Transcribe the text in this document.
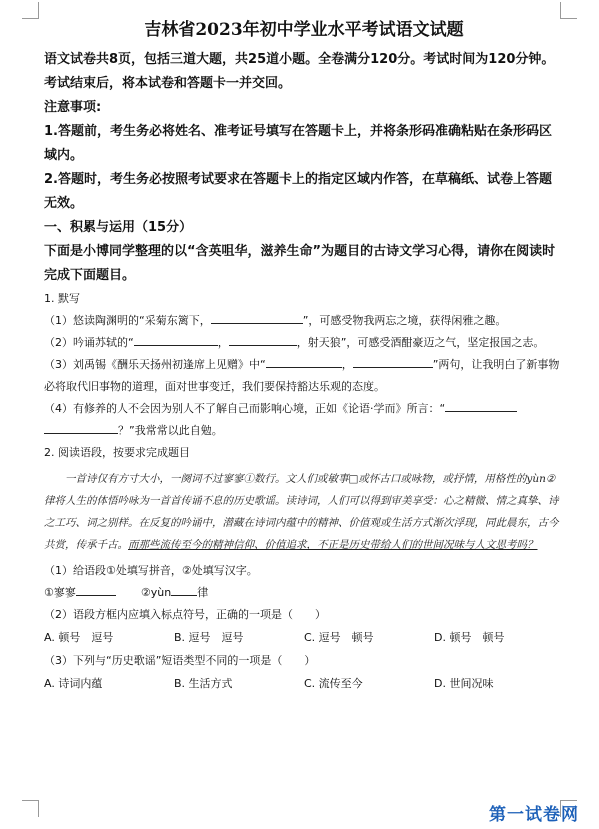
吉林省2023年初中学业水平考试语文试题

语文试卷共8页，包括三道大题，共25道小题。全卷满分120分。考试时间为120分钟。考试结束后，将本试卷和答题卡一并交回。

注意事项:

1.答题前，考生务必将姓名、准考证号填写在答题卡上，并将条形码准确粘贴在条形码区域内。

2.答题时，考生务必按照考试要求在答题卡上的指定区域内作答，在草稿纸、试卷上答题无效。

一、积累与运用（15分）

下面是小博同学整理的以“含英咀华，滋养生命”为题目的古诗文学习心得，请你在阅读时完成下面题目。

1. 默写

（1）悠读陶渊明的“采菊东篱下，	”，可感受物我两忘之境，获得闲雅之趣。

（2）吟诵苏轼的“	，	，射天狼”，可感受酒酣豪迈之气，坚定报国之志。

（3）刘禹锡《酬乐天扬州初逢席上见赠》中“	，	”两句，让我明白了新事物必将取代旧事物的道理，面对世事变迁，我们要保持豁达乐观的态度。

（4）有修养的人不会因为别人不了解自己而影响心境，正如《论语·学而》所言：“ ？”我常常以此自勉。

2. 阅读语段，按要求完成题目

一首诗仅有方寸大小，一阕词不过寥寥①数行。文人们或敏事□或怀古口或咏物，或抒情，用格性的yùn②律将人生的体悟吟咏为一首首传诵不息的历史歌谣。读诗词，人们可以得到审美享受：心之精微、情之真挚、诗之工巧、词之别样。在反复的吟诵中，潜藏在诗词内蕴中的精神、价值观或生活方式渐次浮现，同此晨东，古今共赏，传承千古。而那些流传至今的精神信仰、价值追求，不正是历史带给人们的世间况味与人文思考吗？

（1）给语段①处填写拼音，②处填写汉字。

①寥寥	②yùn 律

（2）语段方框内应填入标点符号，正确的一项是（　　）

A. 顿号　逗号	B. 逗号　逗号	C. 逗号　顿号	D. 顿号　顿号

（3）下列与“历史歌谣”短语类型不同的一项是（　　）

A. 诗词内蕴	B. 生活方式	C. 流传至今	D. 世间况味
第一试卷网
